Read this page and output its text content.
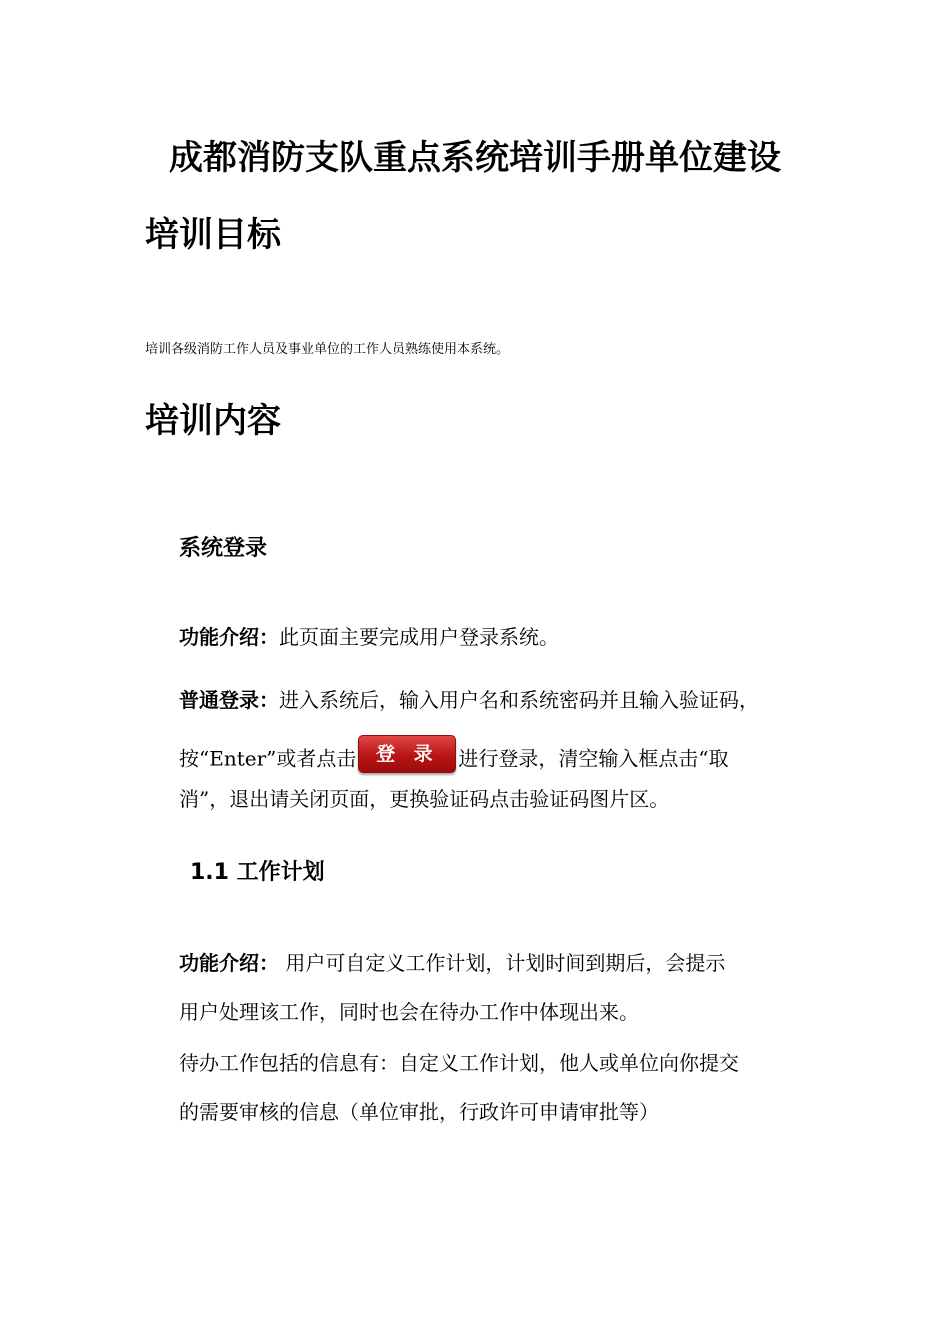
成都消防支队重点系统培训手册单位建设
培训目标
培训各级消防工作人员及事业单位的工作人员熟练使用本系统。
培训内容
系统登录
功能介绍：此页面主要完成用户登录系统。
普通登录：进入系统后，输入用户名和系统密码并且输入验证码，
按“Enter”或者点击 登 录 进行登录，清空输入框点击“取
消”，退出请关闭页面，更换验证码点击验证码图片区。
1.1 工作计划
功能介绍： 用户可自定义工作计划，计划时间到期后，会提示
用户处理该工作，同时也会在待办工作中体现出来。
待办工作包括的信息有：自定义工作计划，他人或单位向你提交
的需要审核的信息（单位审批，行政许可申请审批等）
